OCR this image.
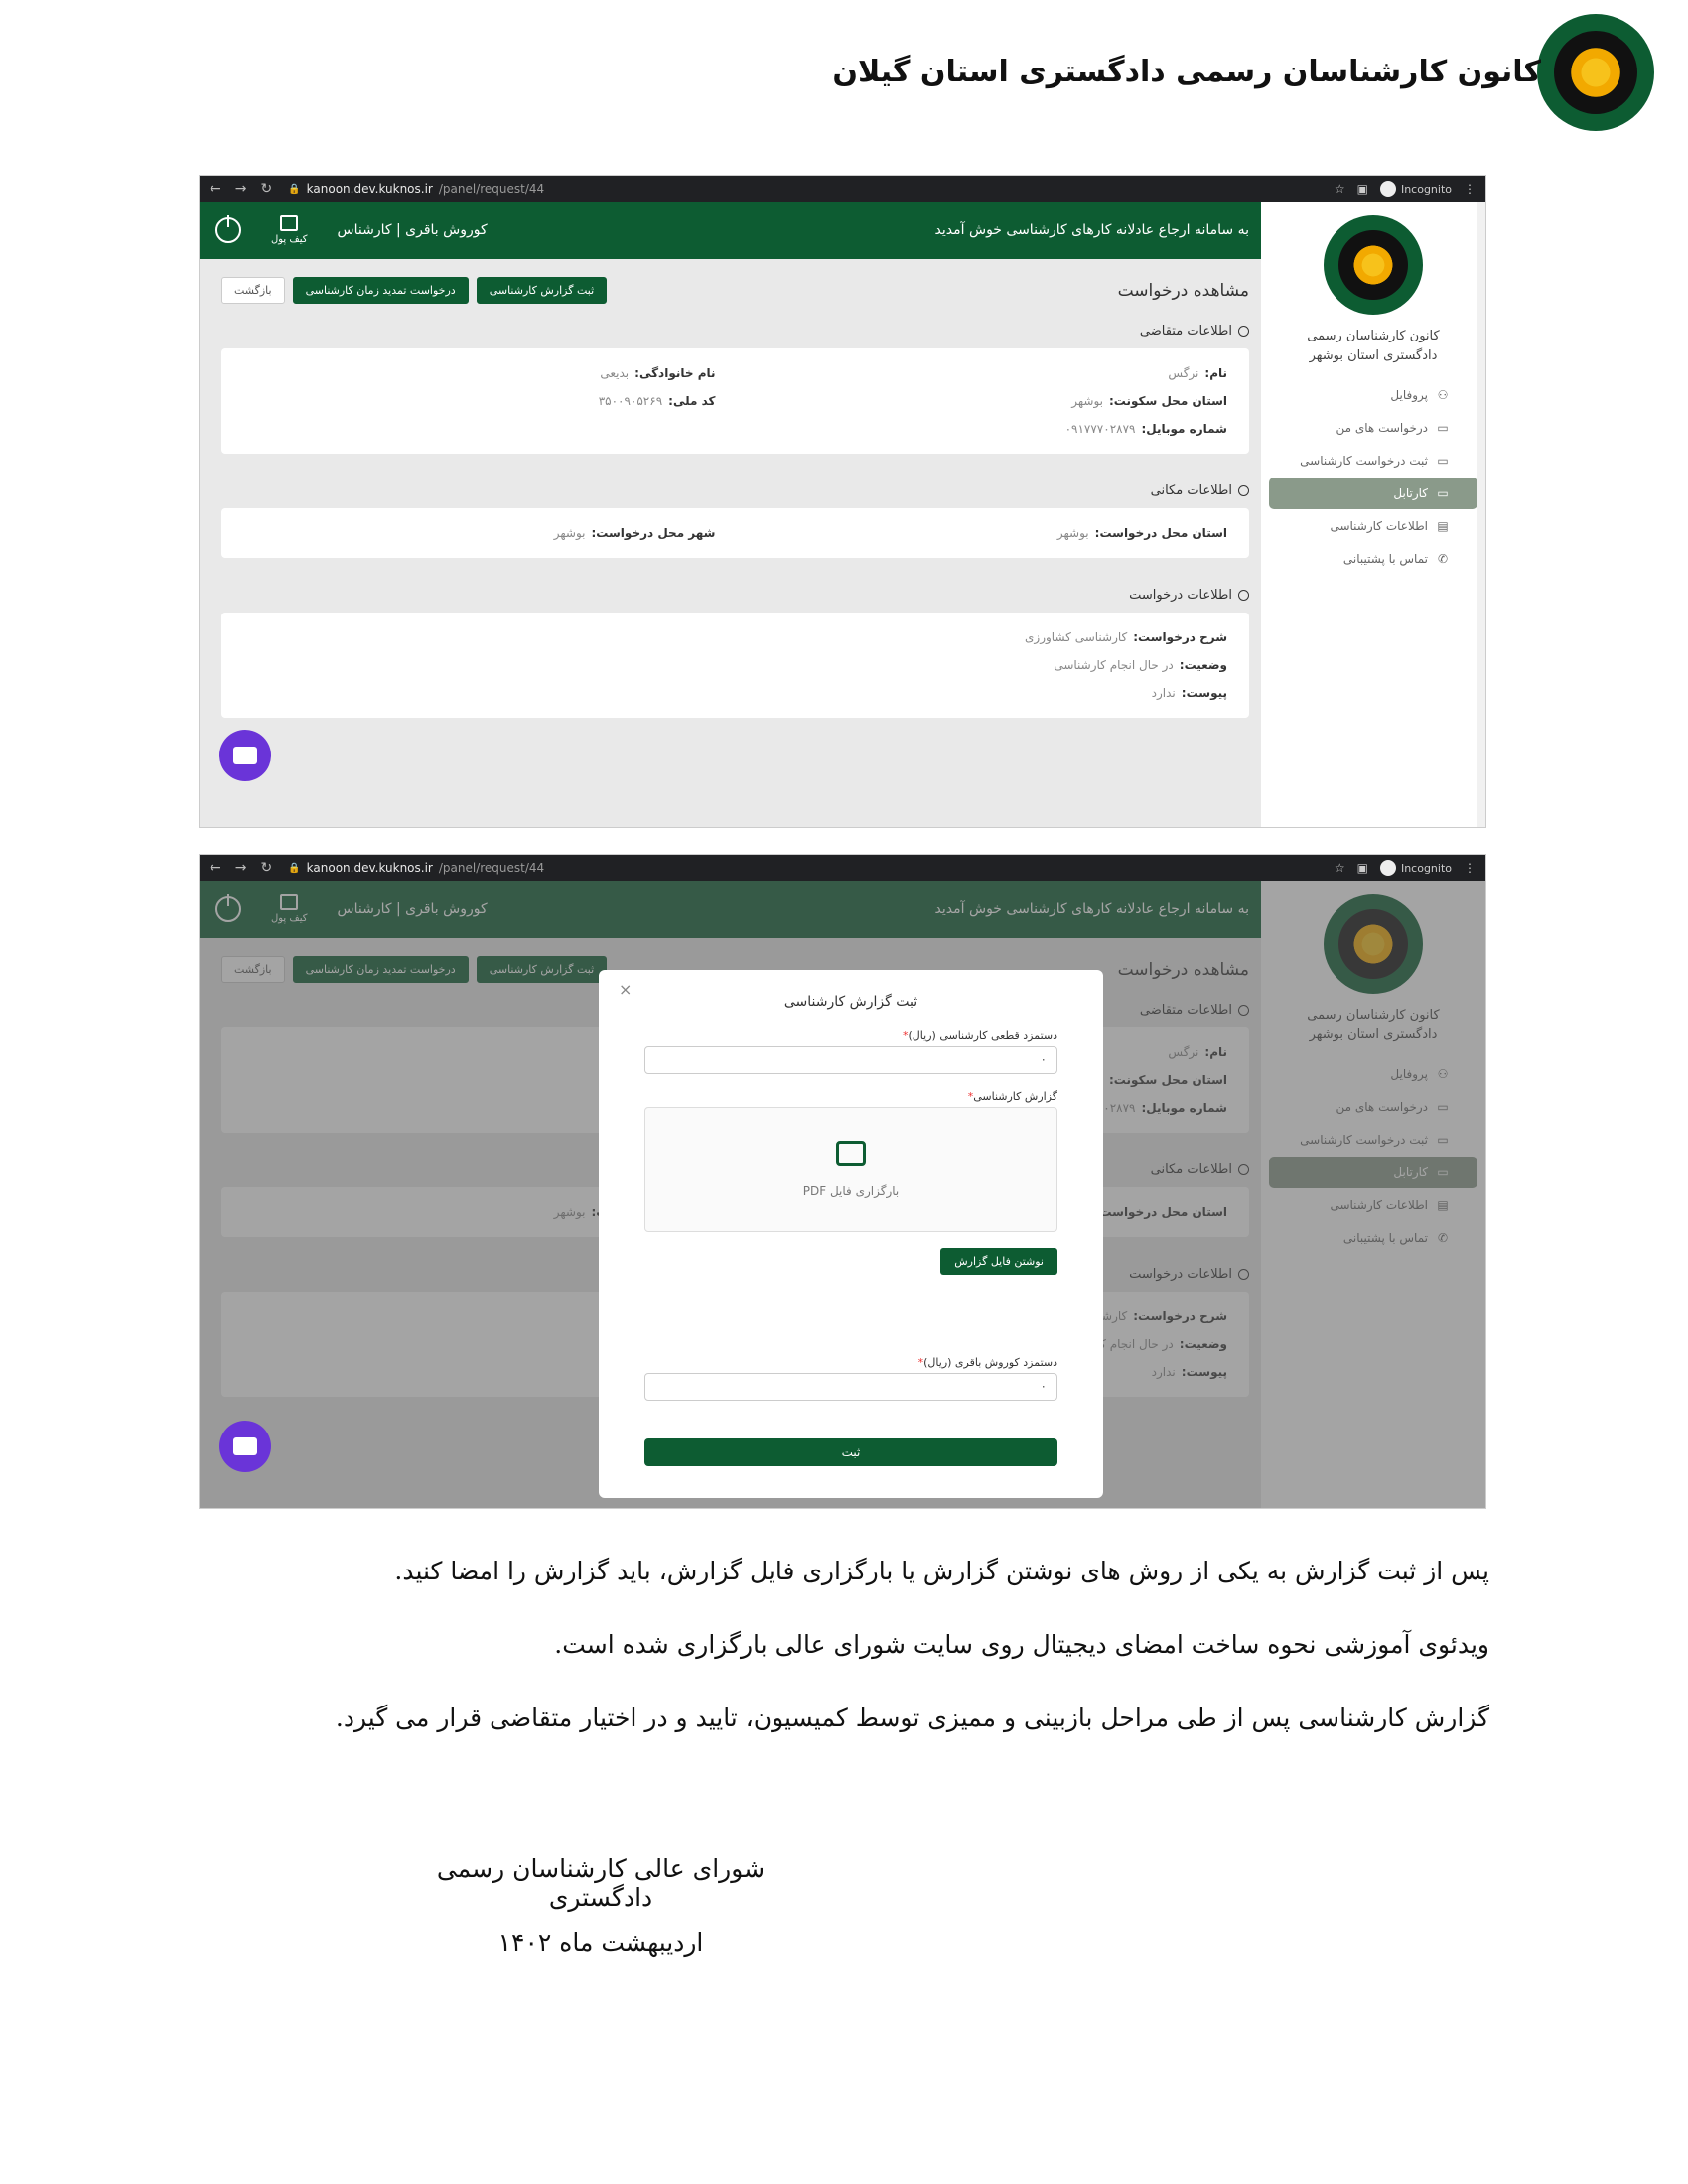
کانون کارشناسان رسمی دادگستری استان گیلان
← → ↻ 🔒 kanoon.dev.kuknos.ir /panel/request/44	☆ ▣	Incognito ⋮
کیف پول
کوروش باقری | کارشناس	به سامانه ارجاع عادلانه کارهای کارشناسی خوش آمدید
کانون کارشناسان رسمی دادگستری استان بوشهر
⚇
پروفایل
▭
درخواست های من
▭
ثبت درخواست کارشناسی
▭
کارتابل
▤
اطلاعات کارشناسی
✆
تماس با پشتیبانی
مشاهده درخواست
ثبت گزارش کارشناسی
درخواست تمدید زمان کارشناسی
بازگشت
اطلاعات متقاضی
نام:نرگس
نام خانوادگی:بدیعی
استان محل سکونت:بوشهر
کد ملی:۳۵۰۰۹۰۵۲۶۹
شماره موبایل:۰۹۱۷۷۷۰۲۸۷۹
اطلاعات مکانی
استان محل درخواست:بوشهر
شهر محل درخواست:بوشهر
اطلاعات درخواست
شرح درخواست:کارشناسی کشاورزی
وضعیت:در حال انجام کارشناسی
پیوست:ندارد
← → ↻ 🔒 kanoon.dev.kuknos.ir /panel/request/44	☆ ▣	Incognito ⋮
×
ثبت گزارش کارشناسی
دستمزد قطعی کارشناسی (ریال)*
۰
گزارش کارشناسی*
بارگزاری فایل PDF
نوشتن فایل گزارش
دستمزد کوروش باقری (ریال)*
۰
ثبت
پس از ثبت گزارش به یکی از روش های نوشتن گزارش یا بارگزاری فایل گزارش، باید گزارش را امضا کنید.
ویدئوی آموزشی نحوه ساخت امضای دیجیتال روی سایت شورای عالی بارگزاری شده است.
گزارش کارشناسی پس از طی مراحل بازبینی و ممیزی توسط کمیسیون، تایید و در اختیار متقاضی قرار می گیرد.
شورای عالی کارشناسان رسمی دادگستری
اردیبهشت ماه ۱۴۰۲
